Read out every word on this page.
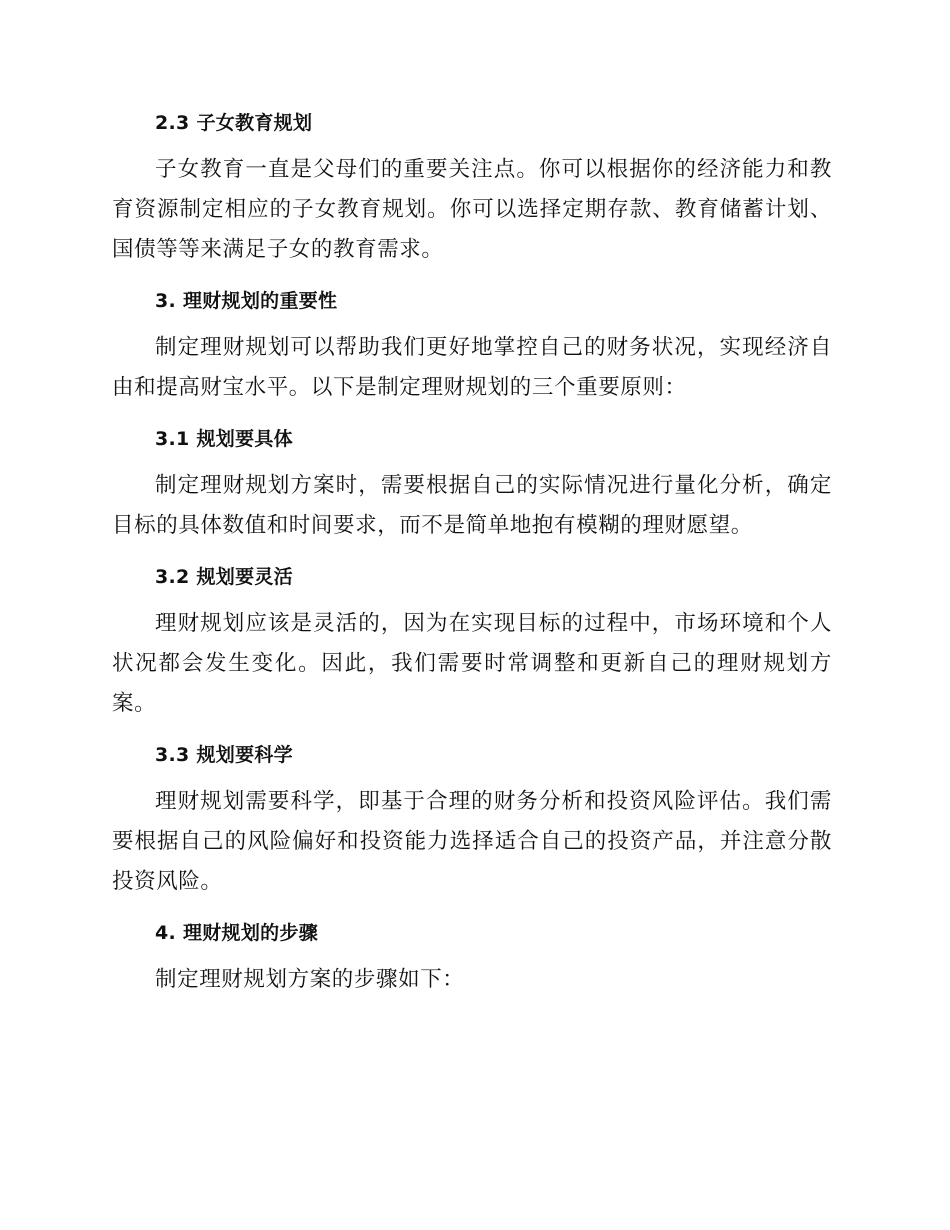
2.3 子女教育规划

子女教育一直是父母们的重要关注点。你可以根据你的经济能力和教育资源制定相应的子女教育规划。你可以选择定期存款、教育储蓄计划、国债等等来满足子女的教育需求。

3. 理财规划的重要性

制定理财规划可以帮助我们更好地掌控自己的财务状况，实现经济自由和提高财宝水平。以下是制定理财规划的三个重要原则：

3.1 规划要具体

制定理财规划方案时，需要根据自己的实际情况进行量化分析，确定目标的具体数值和时间要求，而不是简单地抱有模糊的理财愿望。

3.2 规划要灵活

理财规划应该是灵活的，因为在实现目标的过程中，市场环境和个人状况都会发生变化。因此，我们需要时常调整和更新自己的理财规划方案。

3.3 规划要科学

理财规划需要科学，即基于合理的财务分析和投资风险评估。我们需要根据自己的风险偏好和投资能力选择适合自己的投资产品，并注意分散投资风险。

4. 理财规划的步骤

制定理财规划方案的步骤如下：
